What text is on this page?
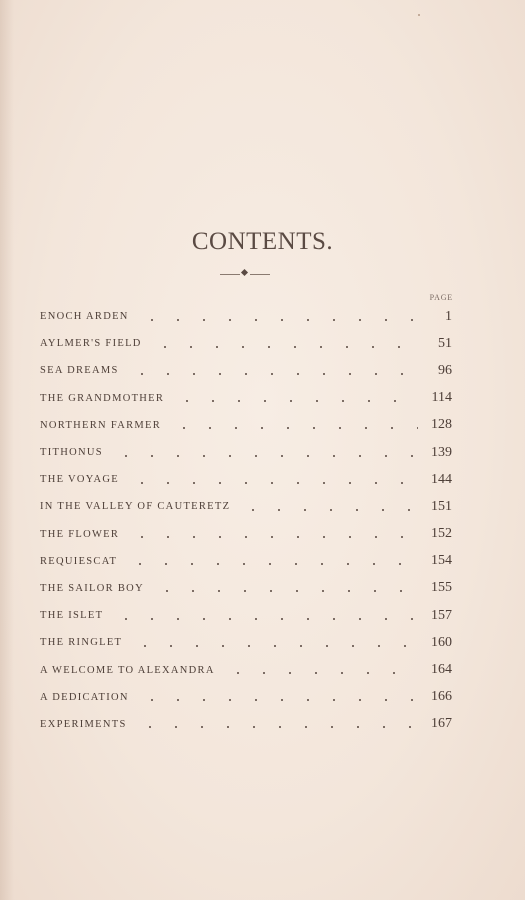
CONTENTS.
PAGE
ENOCH ARDEN	1
AYLMER'S FIELD	51
SEA DREAMS	96
THE GRANDMOTHER	114
NORTHERN FARMER	128
TITHONUS	139
THE VOYAGE	144
IN THE VALLEY OF CAUTERETZ	151
THE FLOWER	152
REQUIESCAT	154
THE SAILOR BOY	155
THE ISLET	157
THE RINGLET	160
A WELCOME TO ALEXANDRA	164
A DEDICATION	166
EXPERIMENTS	167
